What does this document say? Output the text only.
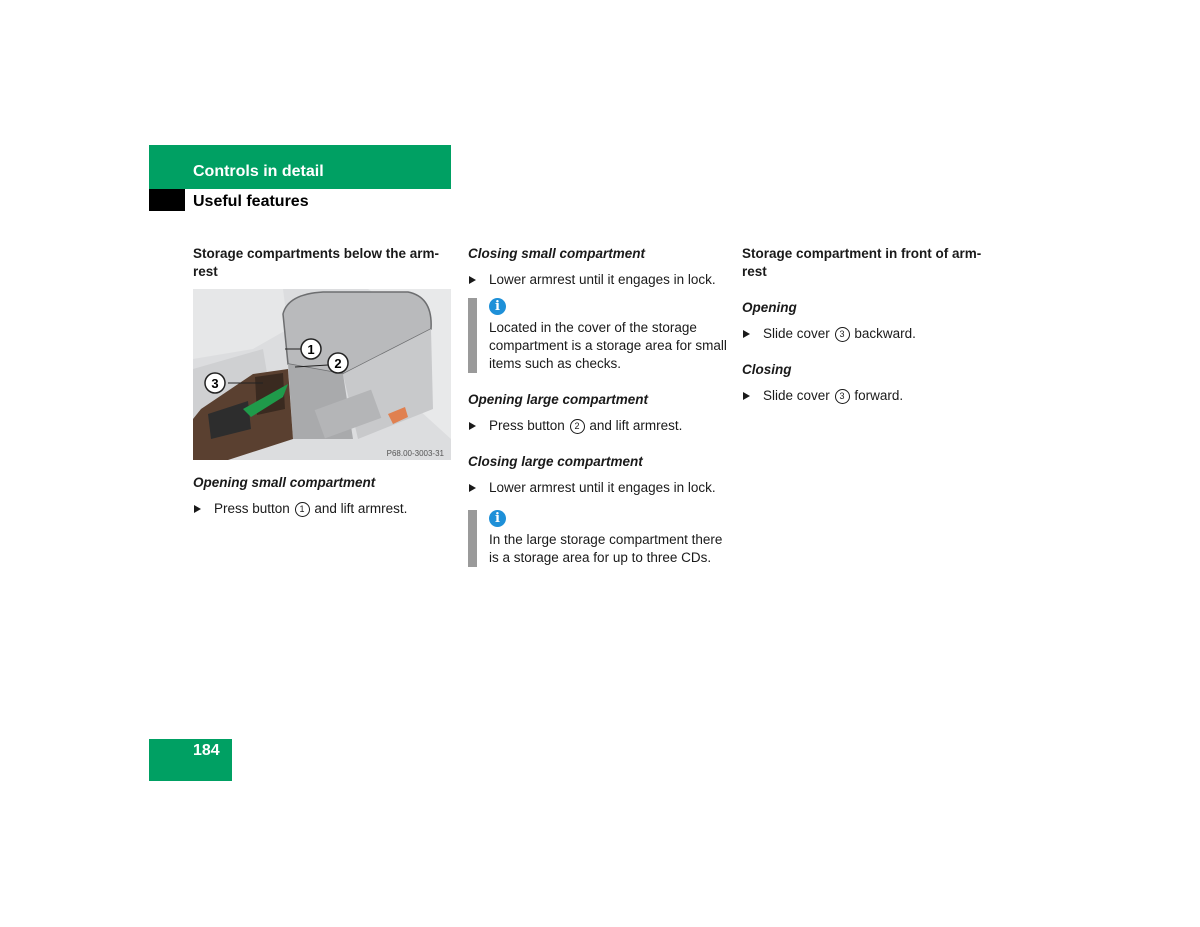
Controls in detail
Useful features

Storage compartments below the arm-rest

1
2
3
P68.00-3003-31

Opening small compartment

Press button 1 and lift armrest.

Closing small compartment

Lower armrest until it engages in lock.

i

Located in the cover of the storage compartment is a storage area for small items such as checks.

Opening large compartment

Press button 2 and lift armrest.

Closing large compartment

Lower armrest until it engages in lock.

i

In the large storage compartment there is a storage area for up to three CDs.

Storage compartment in front of arm-rest

Opening

Slide cover 3 backward.

Closing

Slide cover 3 forward.

184
